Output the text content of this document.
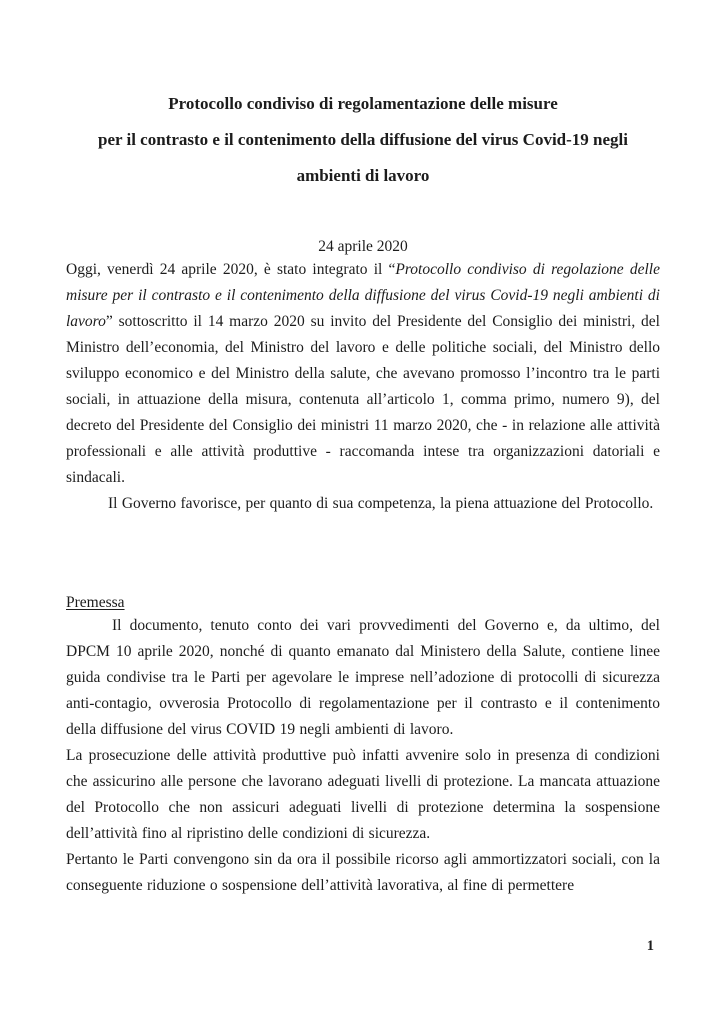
Protocollo condiviso di regolamentazione delle misure
per il contrasto e il contenimento della diffusione del virus Covid-19 negli
ambienti di lavoro
24 aprile 2020

Oggi, venerdì 24 aprile 2020, è stato integrato il “Protocollo condiviso di regolazione delle misure per il contrasto e il contenimento della diffusione del virus Covid-19 negli ambienti di lavoro” sottoscritto il 14 marzo 2020 su invito del Presidente del Consiglio dei ministri, del Ministro dell’economia, del Ministro del lavoro e delle politiche sociali, del Ministro dello sviluppo economico e del Ministro della salute, che avevano promosso l’incontro tra le parti sociali, in attuazione della misura, contenuta all’articolo 1, comma primo, numero 9), del decreto del Presidente del Consiglio dei ministri 11 marzo 2020, che - in relazione alle attività professionali e alle attività produttive - raccomanda intese tra organizzazioni datoriali e sindacali.

Il Governo favorisce, per quanto di sua competenza, la piena attuazione del Protocollo.

Premessa

Il documento, tenuto conto dei vari provvedimenti del Governo e, da ultimo, del DPCM 10 aprile 2020, nonché di quanto emanato dal Ministero della Salute, contiene linee guida condivise tra le Parti per agevolare le imprese nell’adozione di protocolli di sicurezza anti-contagio, ovverosia Protocollo di regolamentazione per il contrasto e il contenimento della diffusione del virus COVID 19 negli ambienti di lavoro.

La prosecuzione delle attività produttive può infatti avvenire solo in presenza di condizioni che assicurino alle persone che lavorano adeguati livelli di protezione. La mancata attuazione del Protocollo che non assicuri adeguati livelli di protezione determina la sospensione dell’attività fino al ripristino delle condizioni di sicurezza.

Pertanto le Parti convengono sin da ora il possibile ricorso agli ammortizzatori sociali, con la conseguente riduzione o sospensione dell’attività lavorativa, al fine di permettere

1
